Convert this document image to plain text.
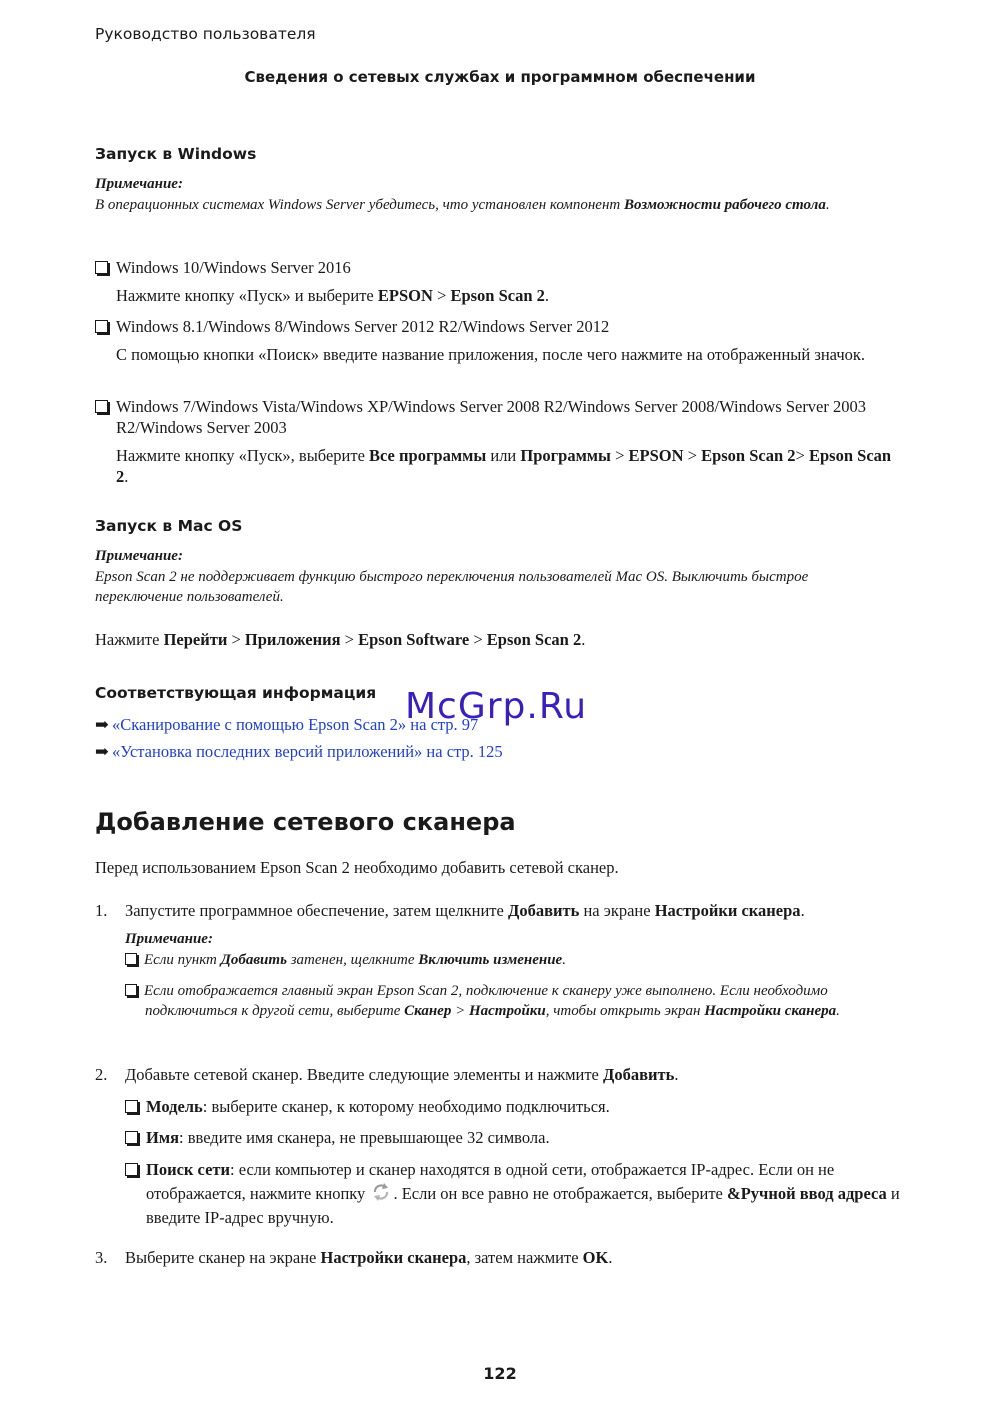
Руководство пользователя
Сведения о сетевых службах и программном обеспечении
Запуск в Windows
Примечание:
В операционных системах Windows Server убедитесь, что установлен компонент Возможности рабочего стола.
Windows 10/Windows Server 2016
Нажмите кнопку «Пуск» и выберите EPSON > Epson Scan 2.
Windows 8.1/Windows 8/Windows Server 2012 R2/Windows Server 2012
С помощью кнопки «Поиск» введите название приложения, после чего нажмите на отображенный значок.
Windows 7/Windows Vista/Windows XP/Windows Server 2008 R2/Windows Server 2008/Windows Server 2003 R2/Windows Server 2003
Нажмите кнопку «Пуск», выберите Все программы или Программы > EPSON > Epson Scan 2> Epson Scan 2.
Запуск в Mac OS
Примечание:
Epson Scan 2 не поддерживает функцию быстрого переключения пользователей Mac OS. Выключить быстрое переключение пользователей.
Нажмите Перейти > Приложения > Epson Software > Epson Scan 2.
Соответствующая информация
➡ «Сканирование с помощью Epson Scan 2» на стр. 97
➡ «Установка последних версий приложений» на стр. 125
McGrp.Ru
Добавление сетевого сканера
Перед использованием Epson Scan 2 необходимо добавить сетевой сканер.
1. Запустите программное обеспечение, затем щелкните Добавить на экране Настройки сканера.
Примечание:
Если пункт Добавить затенен, щелкните Включить изменение.
Если отображается главный экран Epson Scan 2, подключение к сканеру уже выполнено. Если необходимо подключиться к другой сети, выберите Сканер > Настройки, чтобы открыть экран Настройки сканера.
2. Добавьте сетевой сканер. Введите следующие элементы и нажмите Добавить.
Модель: выберите сканер, к которому необходимо подключиться.
Имя: введите имя сканера, не превышающее 32 символа.
Поиск сети: если компьютер и сканер находятся в одной сети, отображается IP-адрес. Если он не отображается, нажмите кнопку . Если он все равно не отображается, выберите &Ручной ввод адреса и введите IP-адрес вручную.
3. Выберите сканер на экране Настройки сканера, затем нажмите OK.
122
